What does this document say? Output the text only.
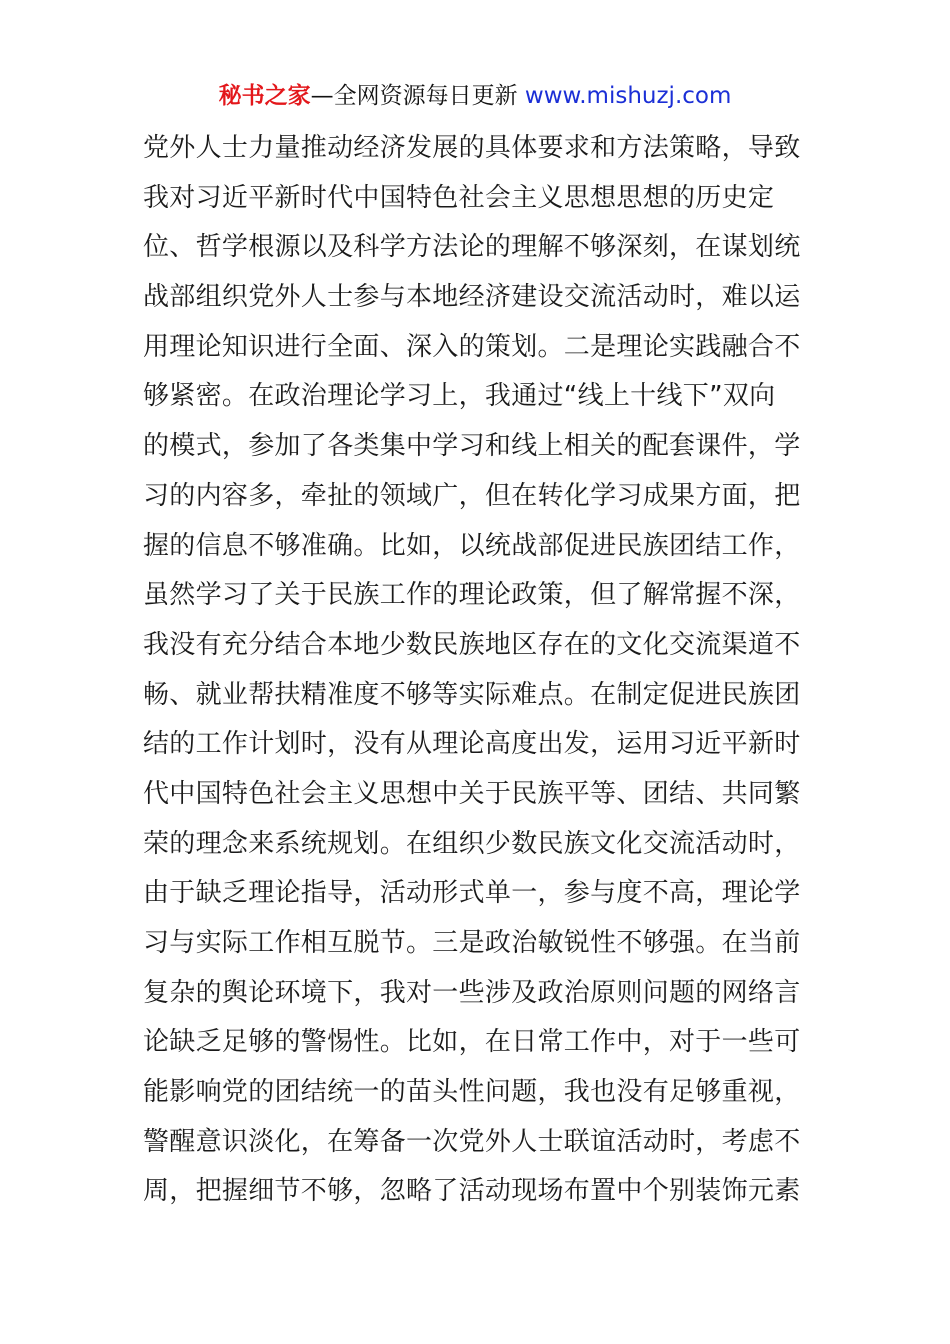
秘书之家—全网资源每日更新 www.mishuzj.com
党外人士力量推动经济发展的具体要求和方法策略，导致
我对习近平新时代中国特色社会主义思想思想的历史定
位、哲学根源以及科学方法论的理解不够深刻，在谋划统
战部组织党外人士参与本地经济建设交流活动时，难以运
用理论知识进行全面、深入的策划。二是理论实践融合不
够紧密。在政治理论学习上，我通过“线上十线下”双向
的模式，参加了各类集中学习和线上相关的配套课件，学
习的内容多，牵扯的领域广，但在转化学习成果方面，把
握的信息不够准确。比如，以统战部促进民族团结工作，
虽然学习了关于民族工作的理论政策，但了解常握不深，
我没有充分结合本地少数民族地区存在的文化交流渠道不
畅、就业帮扶精准度不够等实际难点。在制定促进民族团
结的工作计划时，没有从理论高度出发，运用习近平新时
代中国特色社会主义思想中关于民族平等、团结、共同繁
荣的理念来系统规划。在组织少数民族文化交流活动时，
由于缺乏理论指导，活动形式单一，参与度不高，理论学
习与实际工作相互脱节。三是政治敏锐性不够强。在当前
复杂的舆论环境下，我对一些涉及政治原则问题的网络言
论缺乏足够的警惕性。比如，在日常工作中，对于一些可
能影响党的团结统一的苗头性问题，我也没有足够重视，
警醒意识淡化，在筹备一次党外人士联谊活动时，考虑不
周，把握细节不够，忽略了活动现场布置中个别装饰元素
